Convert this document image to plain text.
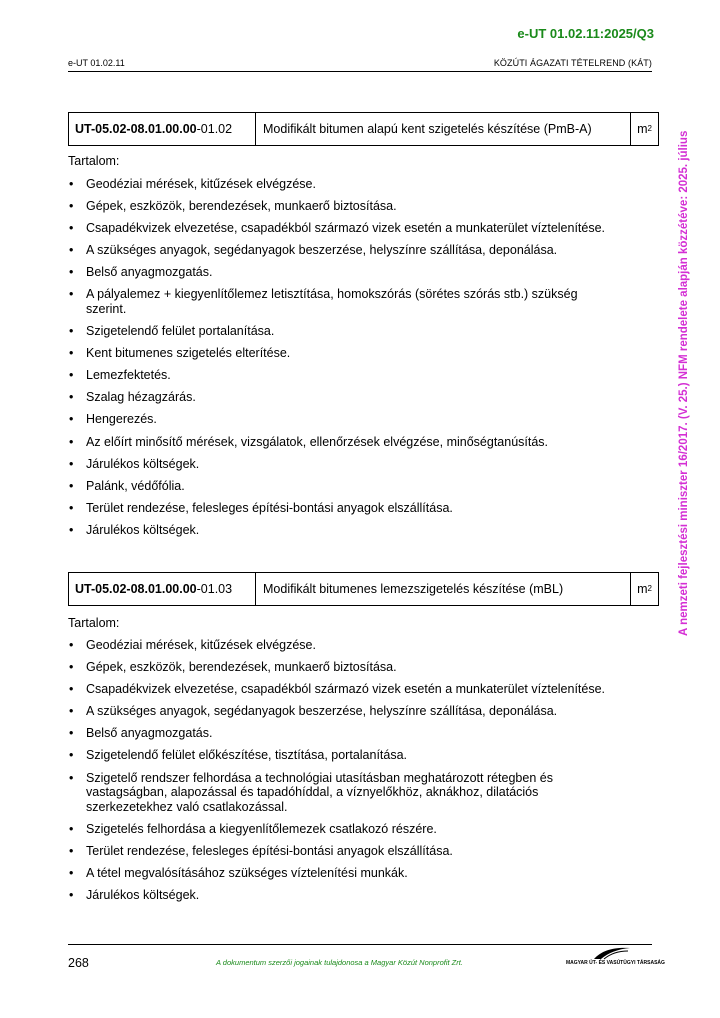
e-UT 01.02.11:2025/Q3
e-UT 01.02.11	KÖZÚTI ÁGAZATI TÉTELREND (KÁT)
A nemzeti fejlesztési miniszter 16/2017. (V. 25.) NFM rendelete alapján közzétéve: 2025. július
UT-05.02-08.01.00.00 -01.02	Modifikált bitumen alapú kent szigetelés készítése (PmB-A)	m 2
Tartalom:
• Geodéziai mérések, kitűzések elvégzése.
• Gépek, eszközök, berendezések, munkaerő biztosítása.
• Csapadékvizek elvezetése, csapadékból származó vizek esetén a munkaterület víztelenítése.
• A szükséges anyagok, segédanyagok beszerzése, helyszínre szállítása, deponálása.
• Belső anyagmozgatás.
• A pályalemez + kiegyenlítőlemez letisztítása, homokszórás (sörétes szórás stb.) szükség szerint.
• Szigetelendő felület portalanítása.
• Kent bitumenes szigetelés elterítése.
• Lemezfektetés.
• Szalag hézagzárás.
• Hengerezés.
• Az előírt minősítő mérések, vizsgálatok, ellenőrzések elvégzése, minőségtanúsítás.
• Járulékos költségek.
• Palánk, védőfólia.
• Terület rendezése, felesleges építési-bontási anyagok elszállítása.
• Járulékos költségek.
UT-05.02-08.01.00.00 -01.03	Modifikált bitumenes lemezszigetelés készítése (mBL)	m 2
Tartalom:
• Geodéziai mérések, kitűzések elvégzése.
• Gépek, eszközök, berendezések, munkaerő biztosítása.
• Csapadékvizek elvezetése, csapadékból származó vizek esetén a munkaterület víztelenítése.
• A szükséges anyagok, segédanyagok beszerzése, helyszínre szállítása, deponálása.
• Belső anyagmozgatás.
• Szigetelendő felület előkészítése, tisztítása, portalanítása.
• Szigetelő rendszer felhordása a technológiai utasításban meghatározott rétegben és vastagságban, alapozással és tapadóhíddal, a víznyelőkhöz, aknákhoz, dilatációs szerkezetekhez való csatlakozással.
• Szigetelés felhordása a kiegyenlítőlemezek csatlakozó részére.
• Terület rendezése, felesleges építési-bontási anyagok elszállítása.
• A tétel megvalósításához szükséges víztelenítési munkák.
• Járulékos költségek.
268	A dokumentum szerzői jogainak tulajdonosa a Magyar Közút Nonprofit Zrt.	MAGYAR ÚT- ÉS VASÚTÜGYI TÁRSASÁG
